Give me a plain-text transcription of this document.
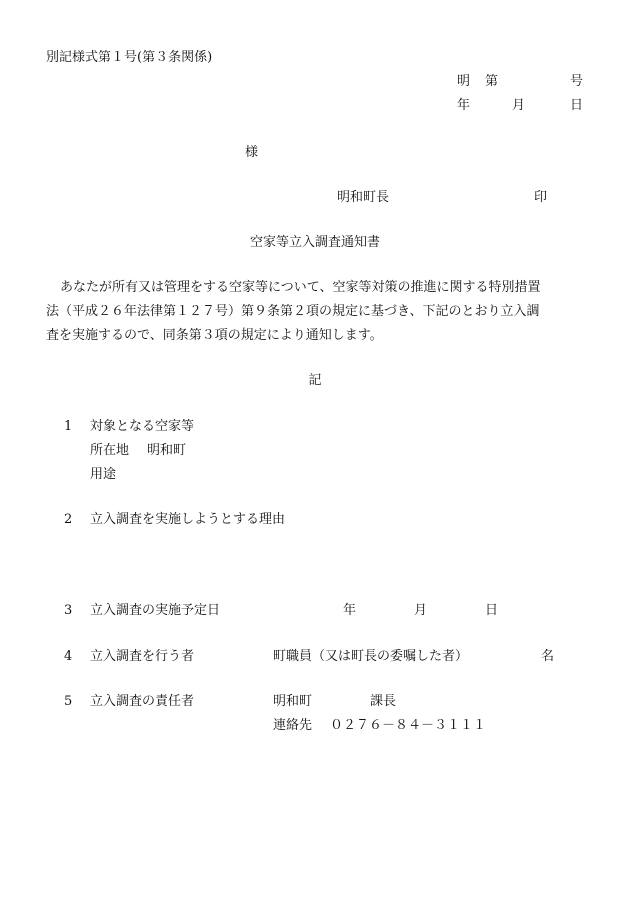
別記様式第１号(第３条関係)
明 第	号
年	月	日
様
明和町長	印
空家等立入調査通知書
あなたが所有又は管理をする空家等について、空家等対策の推進に関する特別措置
法（平成２６年法律第１２７号）第９条第２項の規定に基づき、下記のとおり立入調
査を実施するので、同条第３項の規定により通知します。
記
1 対象となる空家等
所在地 明和町
用途
2 立入調査を実施しようとする理由
3 立入調査の実施予定日	年	月	日
4 立入調査を行う者	町職員（又は町長の委嘱した者）	名
5 立入調査の責任者	明和町	課長
連絡先 ０２７６－８４－３１１１
